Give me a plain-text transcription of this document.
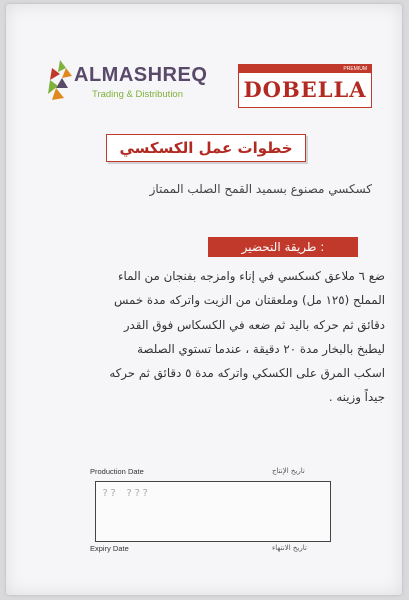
ALMASHREQ
Trading & Distribution
PREMIUM
DOBELLA
خطوات عمل الكسكسي
كسكسي مصنوع بسميد القمح الصلب الممتاز
طريقة التحضير :
ضع ٦ ملاعق كسكسي في إناء وامزجه بفنجان من الماء
المملح (١٢٥ مل) وملعقتان من الزيت واتركه مدة خمس
دقائق ثم حركه باليد ثم ضعه في الكسكاس فوق القدر
ليطبخ بالبخار مدة ٢٠ دقيقة ، عندما تستوي الصلصة
اسكب المرق على الكسكي واتركه مدة ٥ دقائق ثم حركه
جيداً وزينه .
Production Date	تاريخ الإنتاج
?? ???
Expiry Date	تاريخ الانتهاء
